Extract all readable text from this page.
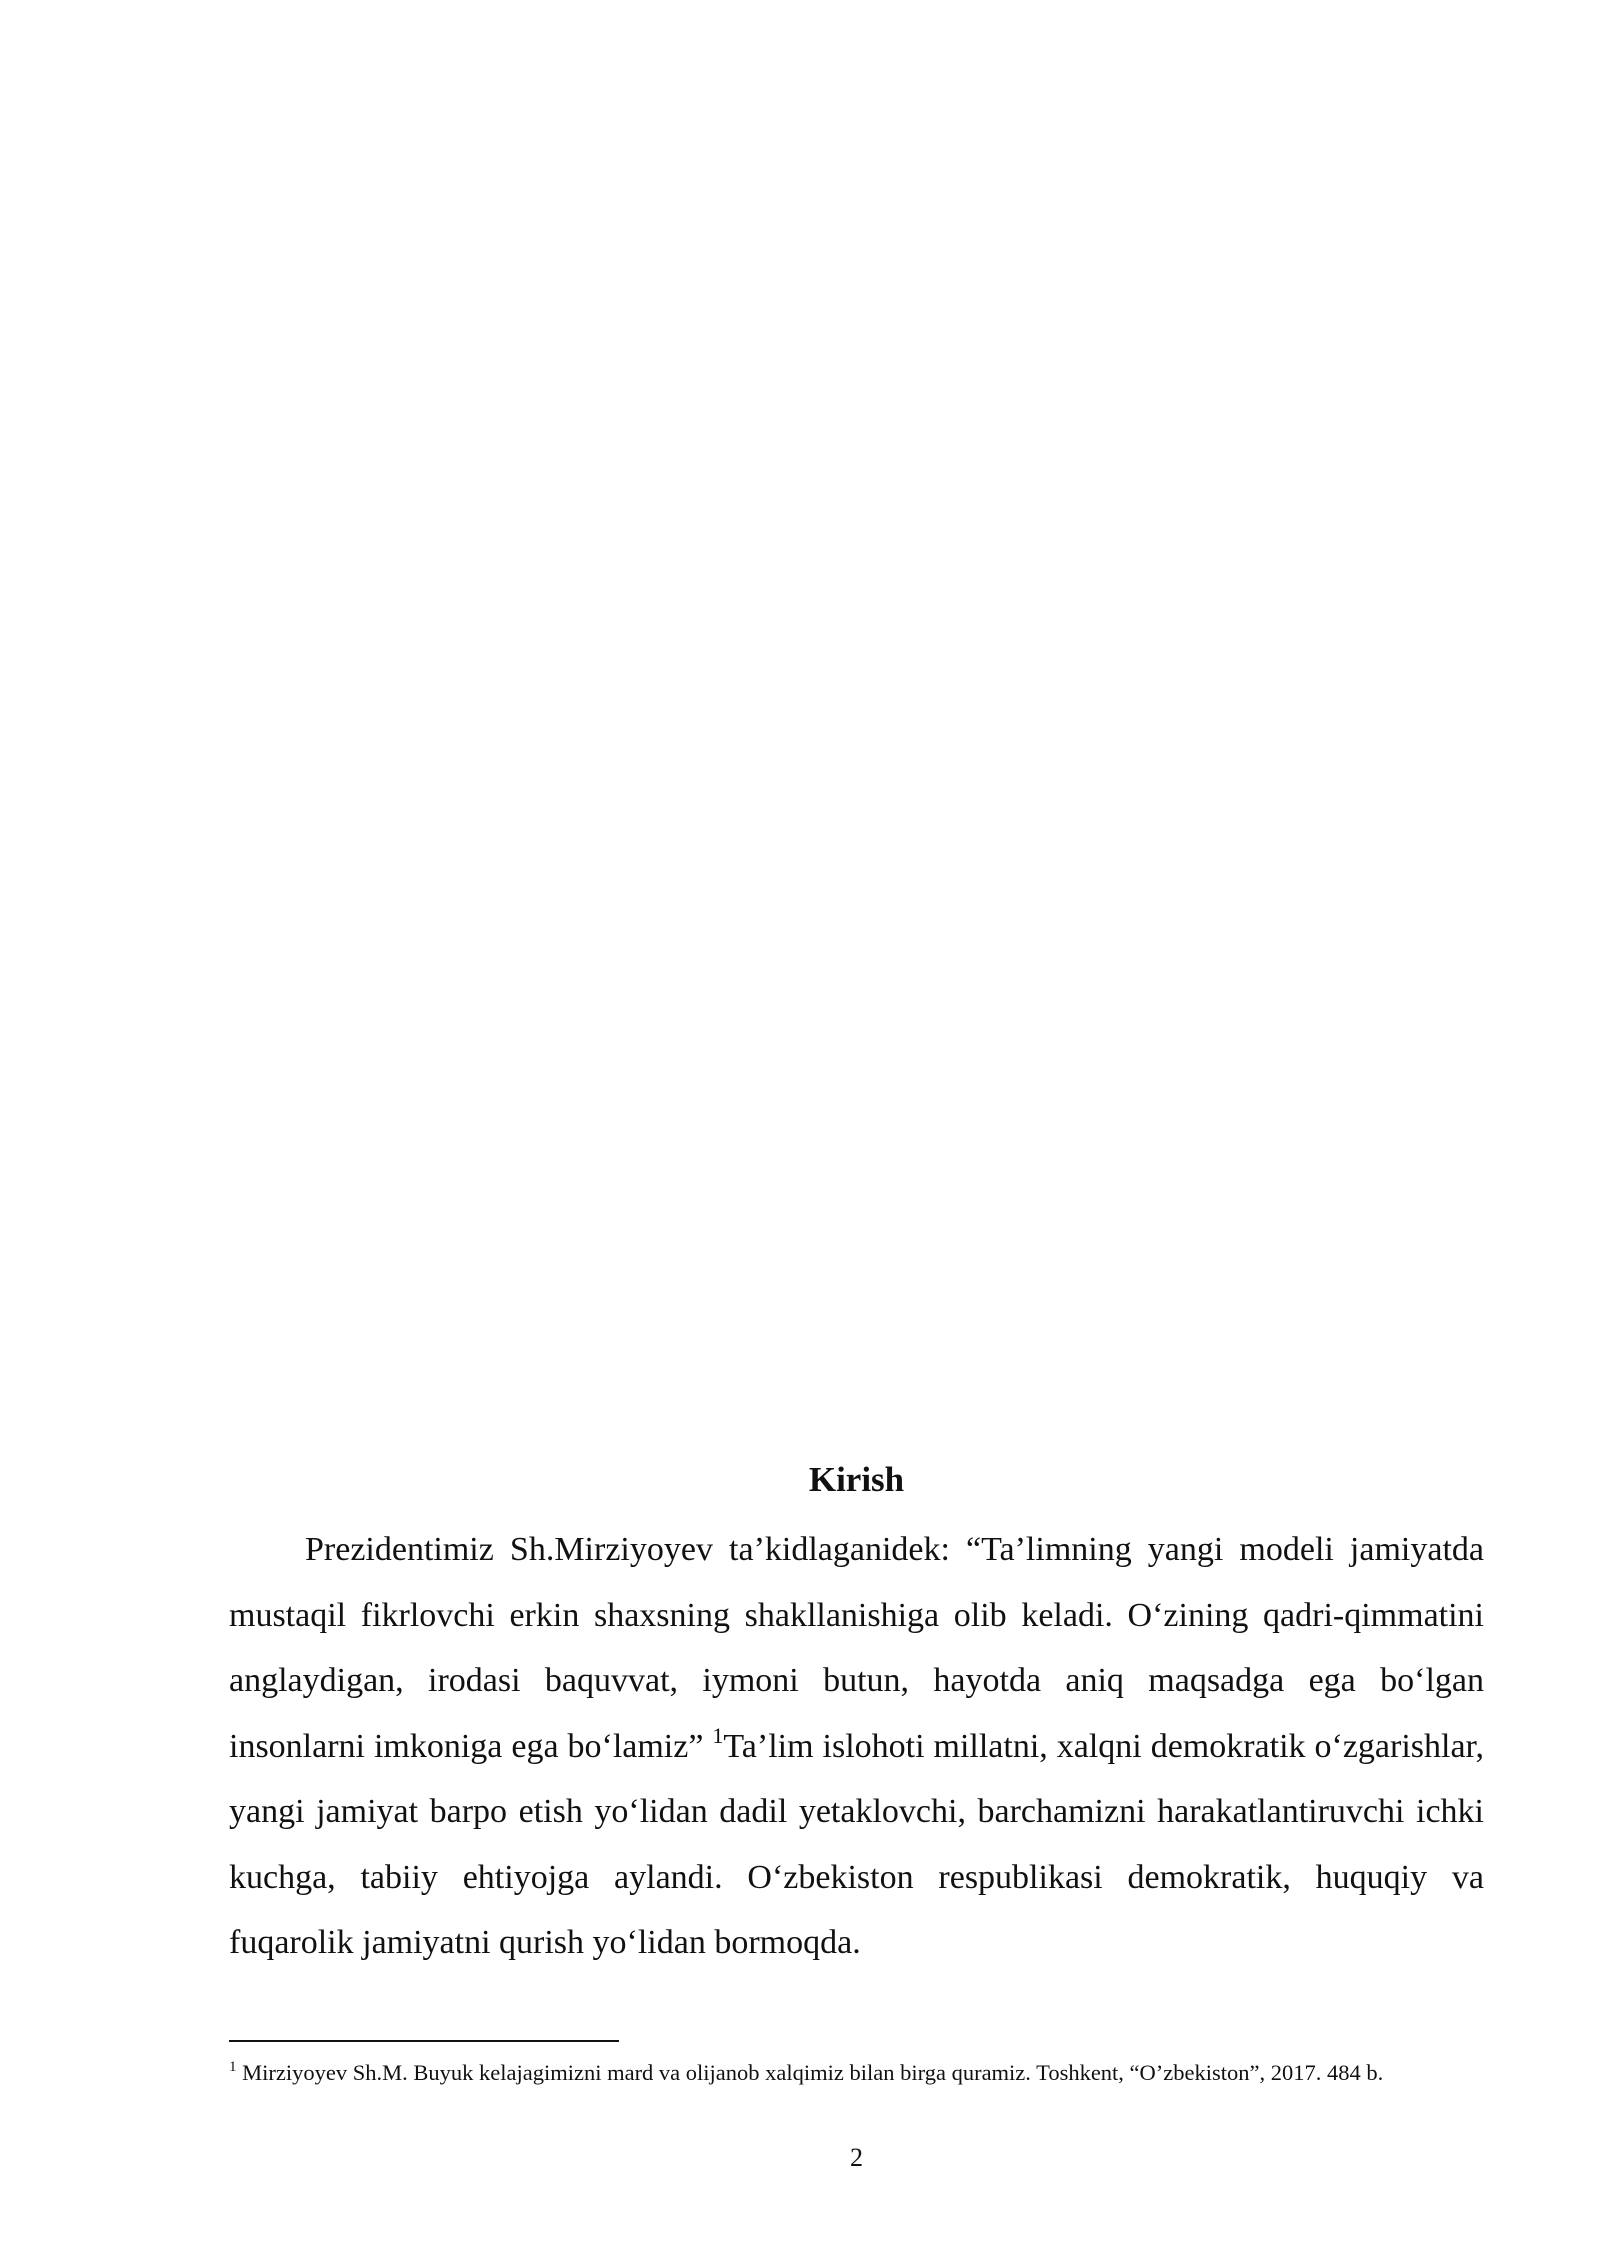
Kirish

Prezidentimiz Sh.Mirziyoyev ta’kidlaganidek: “Ta’limning yangi modeli jamiyatda mustaqil fikrlovchi erkin shaxsning shakllanishiga olib keladi. O‘zining qadri-qimmatini anglaydigan, irodasi baquvvat, iymoni butun, hayotda aniq maqsadga ega bo‘lgan insonlarni imkoniga ega bo‘lamiz” $^1$Ta’lim islohoti millatni, xalqni demokratik o‘zgarishlar, yangi jamiyat barpo etish yo‘lidan dadil yetaklovchi, barchamizni harakatlantiruvchi ichki kuchga, tabiiy ehtiyojga aylandi. O‘zbekiston respublikasi demokratik, huquqiy va fuqarolik jamiyatni qurish yo‘lidan bormoqda.

$^1$ Mirziyoyev Sh.M. Buyuk kelajagimizni mard va olijanob xalqimiz bilan birga quramiz. Toshkent, “O’zbekiston”, 2017. 484 b.

2
